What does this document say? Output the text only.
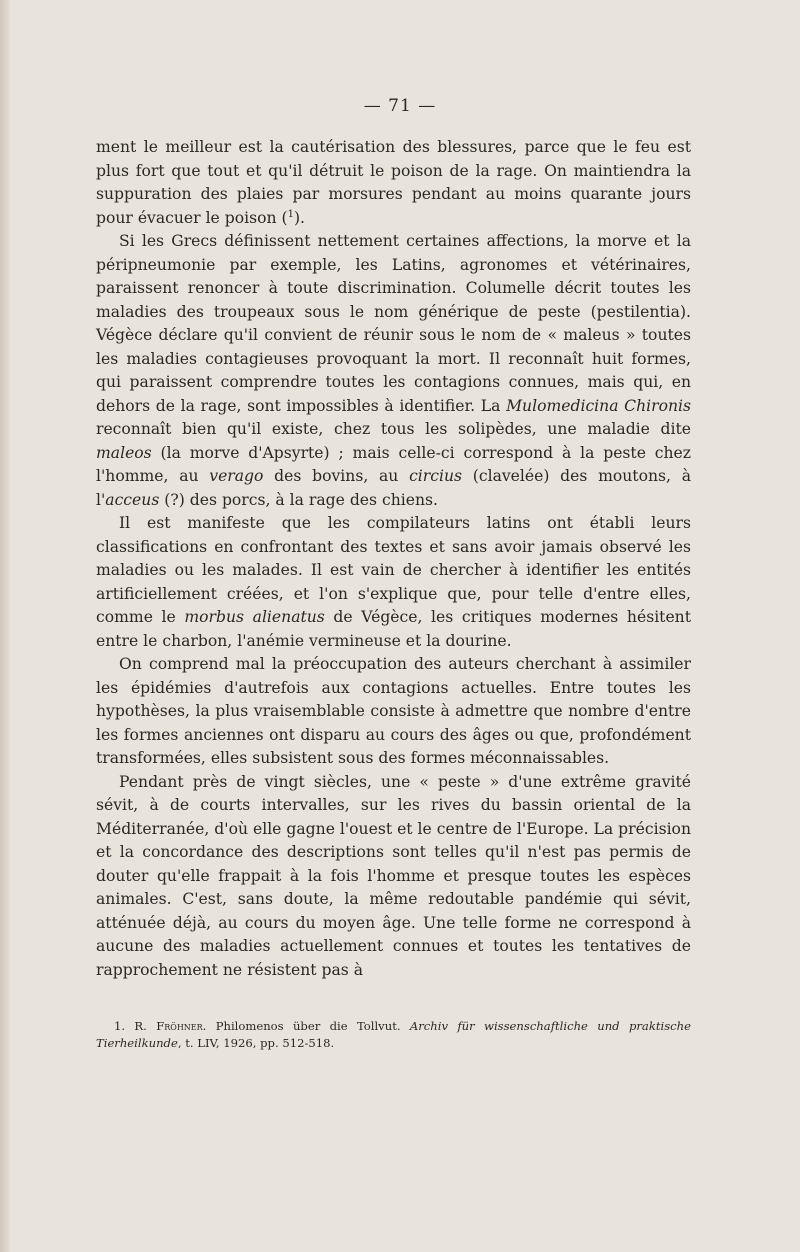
— 71 —

ment le meilleur est la cautérisation des blessures, parce que le feu est plus fort que tout et qu'il détruit le poison de la rage. On maintiendra la suppuration des plaies par morsures pendant au moins quarante jours pour évacuer le poison ($^1$).

Si les Grecs définissent nettement certaines affections, la morve et la péripneumonie par exemple, les Latins, agronomes et vétérinaires, paraissent renoncer à toute discrimination. Columelle décrit toutes les maladies des troupeaux sous le nom générique de peste (pestilentia). Végèce déclare qu'il convient de réunir sous le nom de « maleus » toutes les maladies contagieuses provoquant la mort. Il reconnaît huit formes, qui paraissent comprendre toutes les contagions connues, mais qui, en dehors de la rage, sont impossibles à identifier. La Mulomedicina Chironis reconnaît bien qu'il existe, chez tous les solipèdes, une maladie dite maleos (la morve d'Apsyrte) ; mais celle-ci correspond à la peste chez l'homme, au verago des bovins, au circius (clavelée) des moutons, à l'acceus (?) des porcs, à la rage des chiens.

Il est manifeste que les compilateurs latins ont établi leurs classifications en confrontant des textes et sans avoir jamais observé les maladies ou les malades. Il est vain de chercher à identifier les entités artificiellement créées, et l'on s'explique que, pour telle d'entre elles, comme le morbus alienatus de Végèce, les critiques modernes hésitent entre le charbon, l'anémie vermineuse et la dourine.

On comprend mal la préoccupation des auteurs cherchant à assimiler les épidémies d'autrefois aux contagions actuelles. Entre toutes les hypothèses, la plus vraisemblable consiste à admettre que nombre d'entre les formes anciennes ont disparu au cours des âges ou que, profondément transformées, elles subsistent sous des formes méconnaissables.

Pendant près de vingt siècles, une « peste » d'une extrême gravité sévit, à de courts intervalles, sur les rives du bassin oriental de la Méditerranée, d'où elle gagne l'ouest et le centre de l'Europe. La précision et la concordance des descriptions sont telles qu'il n'est pas permis de douter qu'elle frappait à la fois l'homme et presque toutes les espèces animales. C'est, sans doute, la même redoutable pandémie qui sévit, atténuée déjà, au cours du moyen âge. Une telle forme ne correspond à aucune des maladies actuellement connues et toutes les tentatives de rapprochement ne résistent pas à

1. R. Fröhner. Philomenos über die Tollvut. Archiv für wissenschaftliche und praktische Tierheilkunde, t. LIV, 1926, pp. 512-518.
